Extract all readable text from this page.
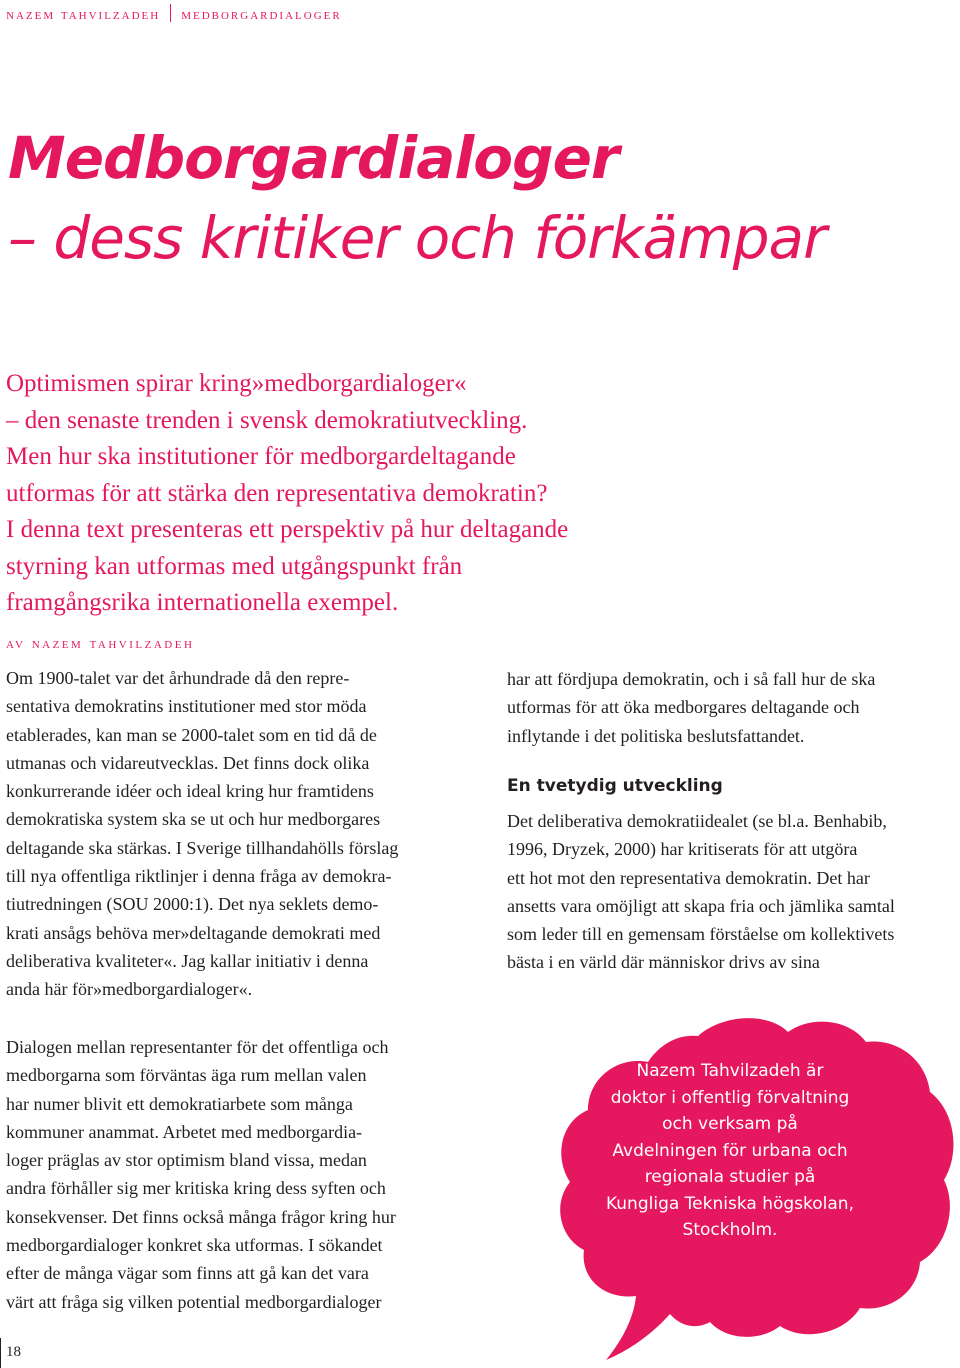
nazem tahvilzadeh medborgardialoger
Medborgardialoger
– dess kritiker och förkämpar
Optimismen spirar kring»medborgardialoger«
– den senaste trenden i svensk demokratiutveckling.
Men hur ska institutioner för medborgardeltagande
utformas för att stärka den representativa demokratin?
I denna text presenteras ett perspektiv på hur deltagande
styrning kan utformas med utgångspunkt från
framgångsrika internationella exempel.
av nazem tahvilzadeh
Om 1900-talet var det århundrade då den repre-
sentativa demokratins institutioner med stor möda
etablerades, kan man se 2000-talet som en tid då de
utmanas och vidareutvecklas. Det finns dock olika
konkurrerande idéer och ideal kring hur framtidens
demokratiska system ska se ut och hur medborgares
deltagande ska stärkas. I Sverige tillhandahölls förslag
till nya offentliga riktlinjer i denna fråga av demokra-
tiutredningen (SOU 2000:1). Det nya seklets demo-
krati ansågs behöva mer»deltagande demokrati med
deliberativa kvaliteter«. Jag kallar initiativ i denna
anda här för»medborgardialoger«.
Dialogen mellan representanter för det offentliga och
medborgarna som förväntas äga rum mellan valen
har numer blivit ett demokratiarbete som många
kommuner anammat. Arbetet med medborgardia-
loger präglas av stor optimism bland vissa, medan
andra förhåller sig mer kritiska kring dess syften och
konsekvenser. Det finns också många frågor kring hur
medborgardialoger konkret ska utformas. I sökandet
efter de många vägar som finns att gå kan det vara
värt att fråga sig vilken potential medborgardialoger
har att fördjupa demokratin, och i så fall hur de ska
utformas för att öka medborgares deltagande och
inflytande i det politiska beslutsfattandet.
En tvetydig utveckling
Det deliberativa demokratiidealet (se bl.a. Benhabib,
1996, Dryzek, 2000) har kritiserats för att utgöra
ett hot mot den representativa demokratin. Det har
ansetts vara omöjligt att skapa fria och jämlika samtal
som leder till en gemensam förståelse om kollektivets
bästa i en värld där människor drivs av sina
Nazem Tahvilzadeh är
doktor i offentlig förvaltning
och verksam på
Avdelningen för urbana och
regionala studier på
Kungliga Tekniska högskolan,
Stockholm.
18
